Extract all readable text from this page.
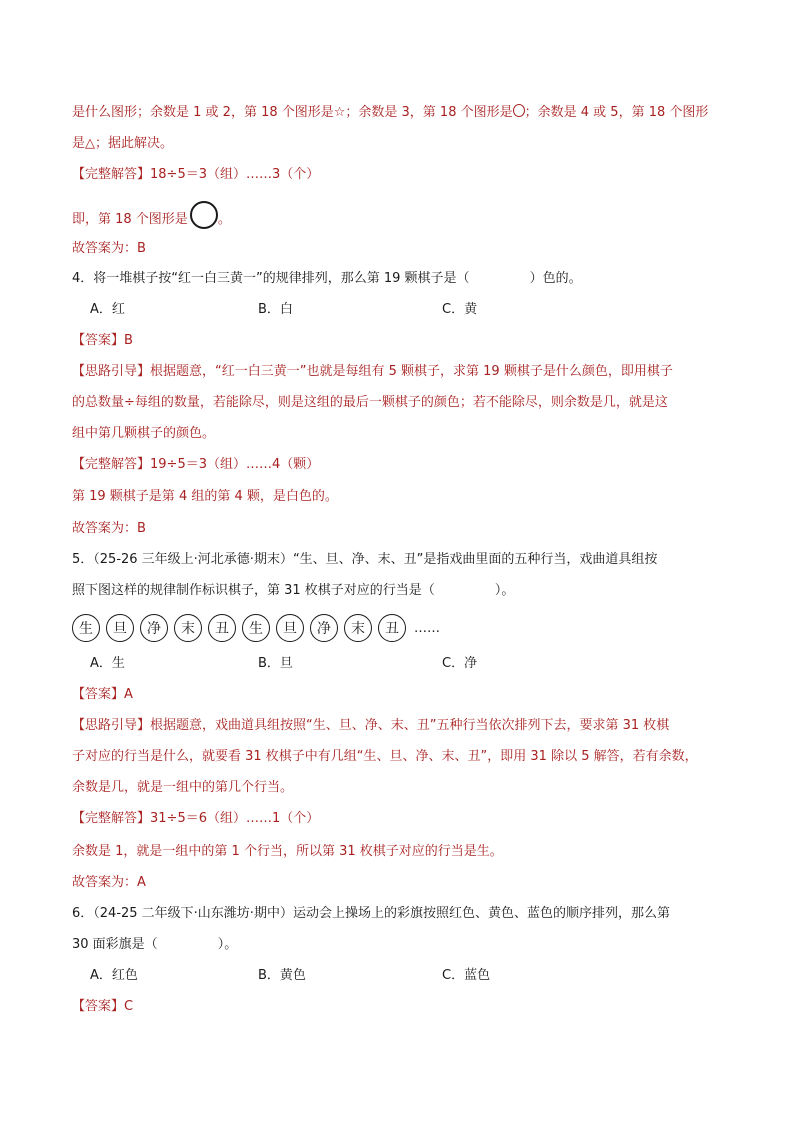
是什么图形；余数是 1 或 2，第 18 个图形是☆；余数是 3，第 18 个图形是 ；余数是 4 或 5，第 18 个图形
是△；据此解决。
【完整解答】18÷5＝3（组）……3（个）
即，第 18 个图形是 。
故答案为：B
4．将一堆棋子按“红一白三黄一”的规律排列，那么第 19 颗棋子是（	）色的。
A．红	B．白	C．黄
【答案】B
【思路引导】根据题意，“红一白三黄一”也就是每组有 5 颗棋子，求第 19 颗棋子是什么颜色，即用棋子
的总数量÷每组的数量，若能除尽，则是这组的最后一颗棋子的颜色；若不能除尽，则余数是几，就是这
组中第几颗棋子的颜色。
【完整解答】19÷5＝3（组）……4（颗）
第 19 颗棋子是第 4 组的第 4 颗，是白色的。
故答案为：B
5．（25-26 三年级上·河北承德·期末）“生、旦、净、末、丑”是指戏曲里面的五种行当，戏曲道具组按
照下图这样的规律制作标识棋子，第 31 枚棋子对应的行当是（	）。
生 旦 净 末 丑 生 旦 净 末 丑 ……
A．生	B．旦	C．净
【答案】A
【思路引导】根据题意，戏曲道具组按照“生、旦、净、末、丑”五种行当依次排列下去，要求第 31 枚棋
子对应的行当是什么，就要看 31 枚棋子中有几组“生、旦、净、末、丑”，即用 31 除以 5 解答，若有余数，
余数是几，就是一组中的第几个行当。
【完整解答】31÷5＝6（组）……1（个）
余数是 1，就是一组中的第 1 个行当，所以第 31 枚棋子对应的行当是生。
故答案为：A
6．（24-25 二年级下·山东潍坊·期中）运动会上操场上的彩旗按照红色、黄色、蓝色的顺序排列，那么第
30 面彩旗是（	）。
A．红色	B．黄色	C．蓝色
【答案】C
